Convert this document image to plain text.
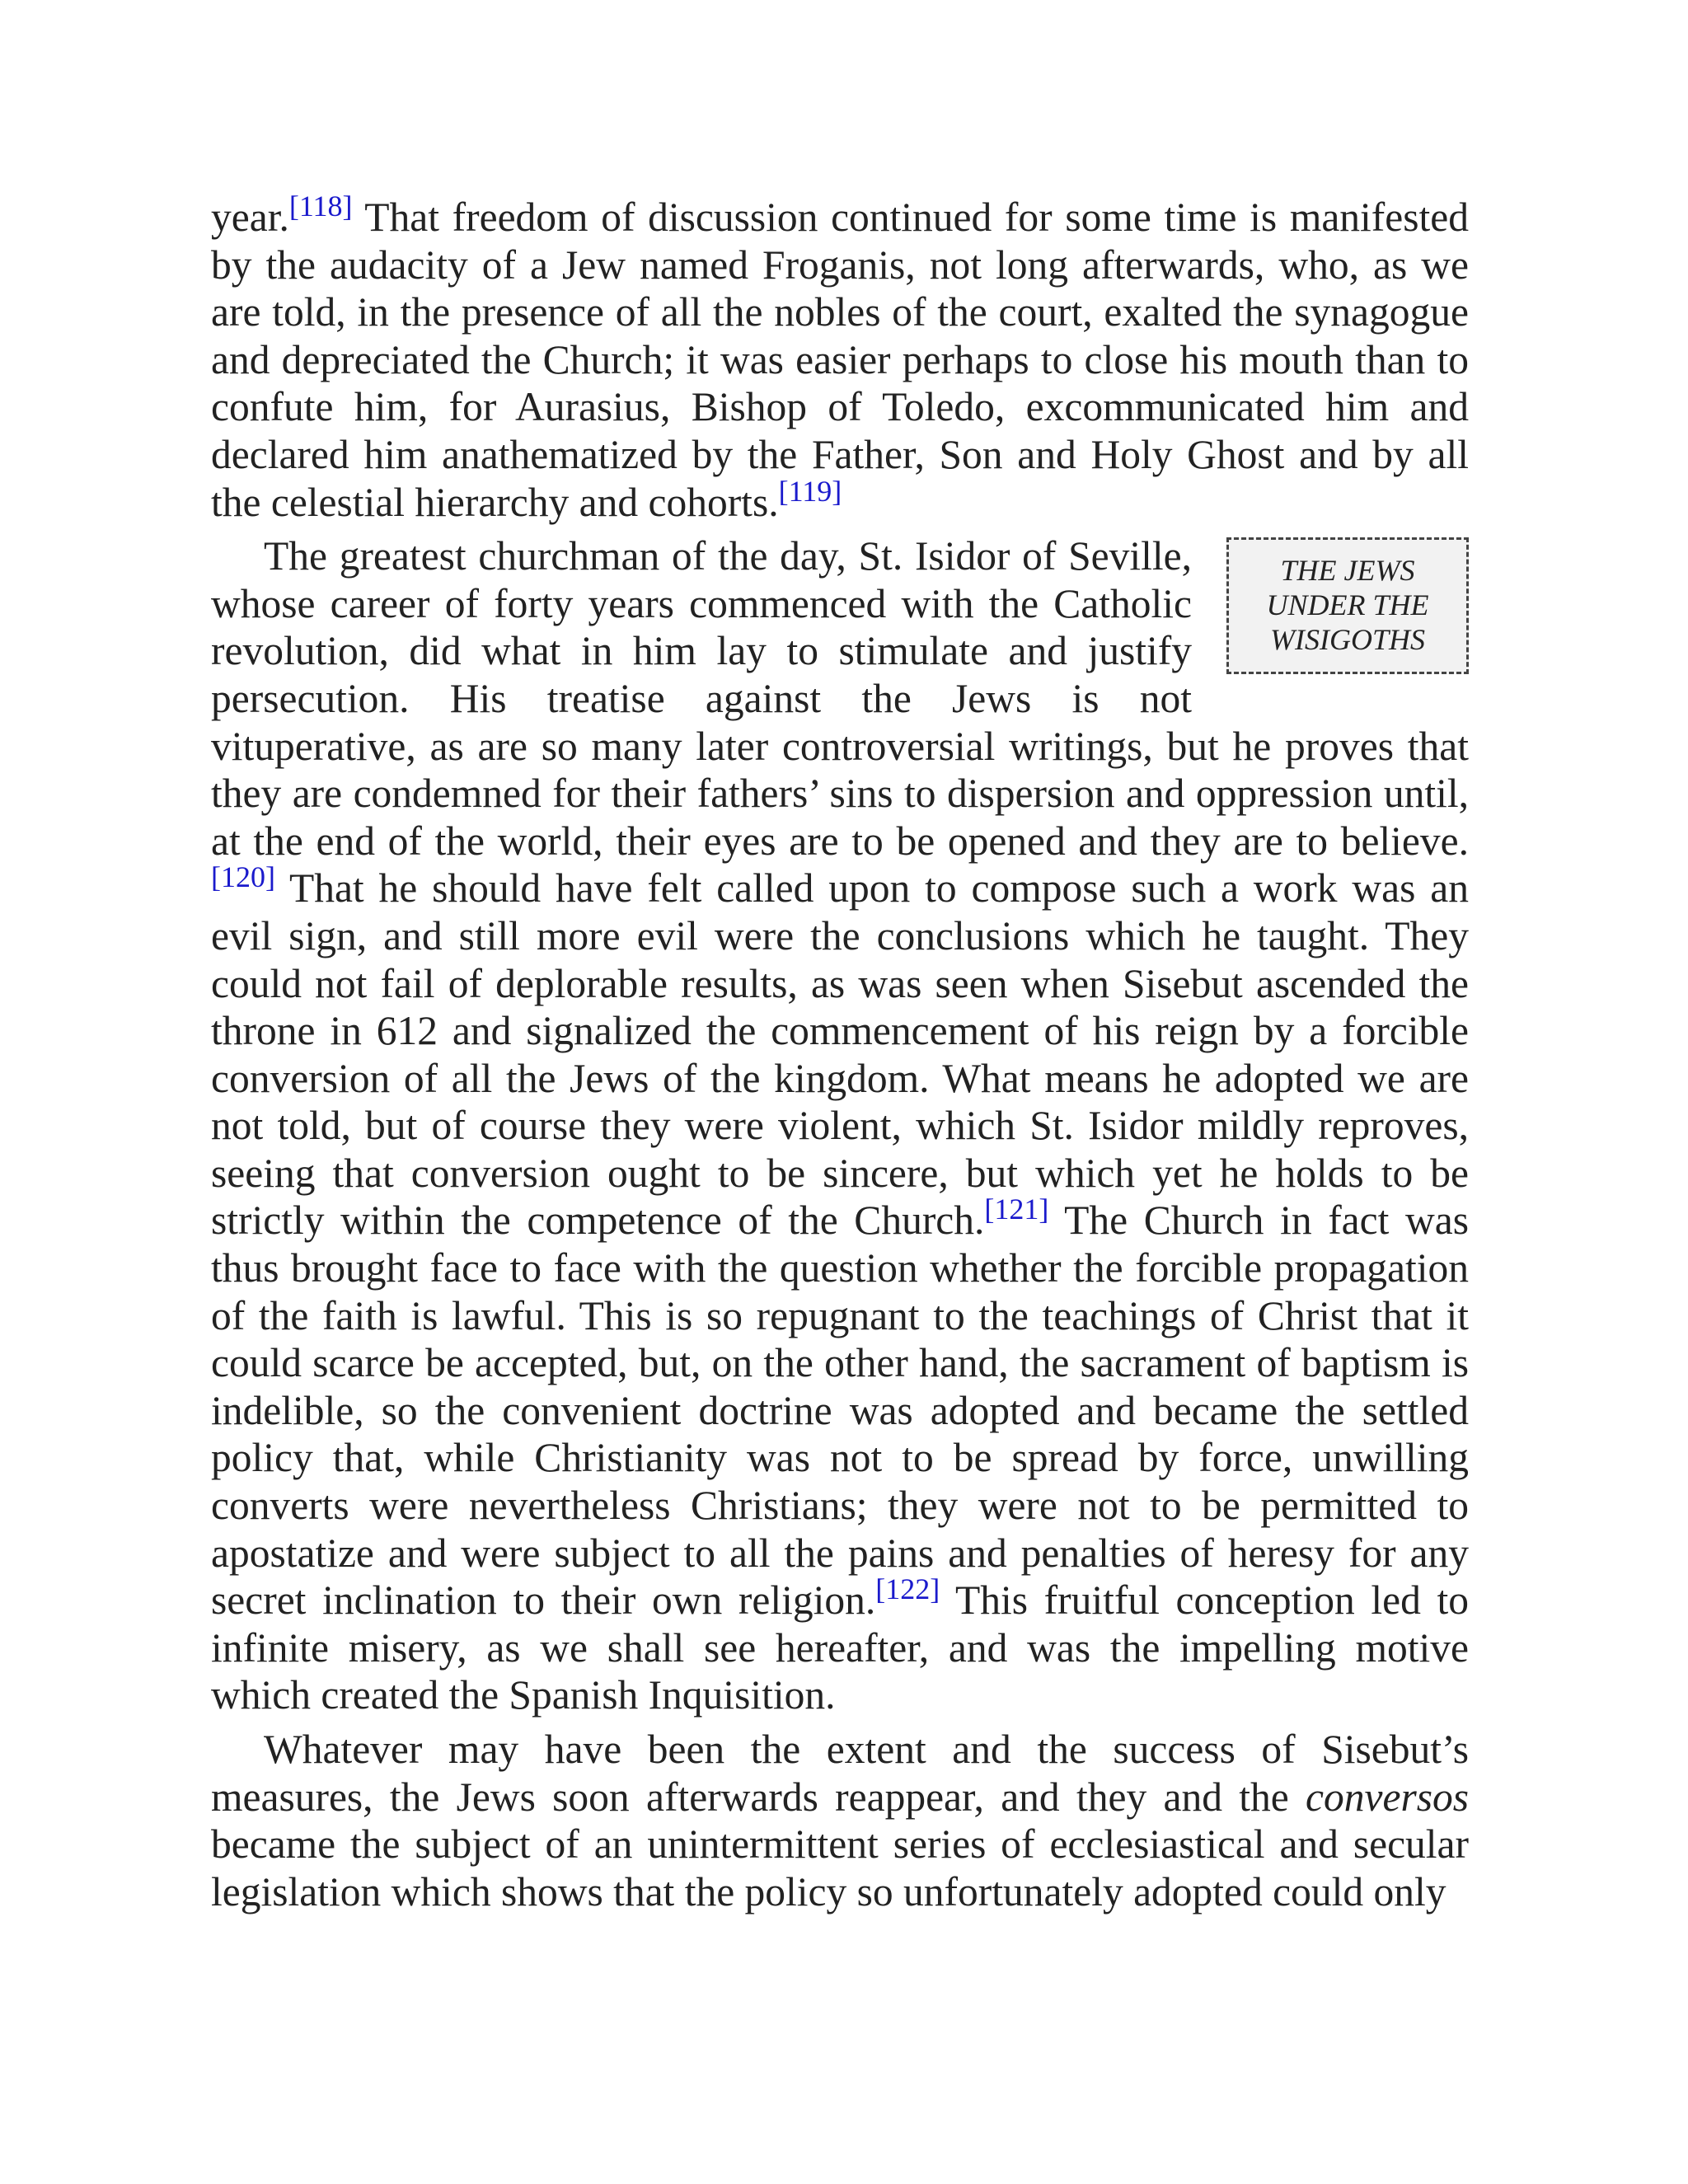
year.[118] That freedom of discussion continued for some time is manifested by the audacity of a Jew named Froganis, not long afterwards, who, as we are told, in the presence of all the nobles of the court, exalted the synagogue and depreciated the Church; it was easier perhaps to close his mouth than to confute him, for Aurasius, Bishop of Toledo, excommunicated him and declared him anathematized by the Father, Son and Holy Ghost and by all the celestial hierarchy and cohorts.[119]

THE JEWS
UNDER THE
WISIGOTHS
The greatest churchman of the day, St. Isidor of Seville, whose career of forty years commenced with the Catholic revolution, did what in him lay to stimulate and justify persecution. His treatise against the Jews is not vituperative, as are so many later controversial writings, but he proves that they are condemned for their fathers’ sins to dispersion and oppression until, at the end of the world, their eyes are to be opened and they are to believe.[120] That he should have felt called upon to compose such a work was an evil sign, and still more evil were the conclusions which he taught. They could not fail of deplorable results, as was seen when Sisebut ascended the throne in 612 and signalized the commencement of his reign by a forcible conversion of all the Jews of the kingdom. What means he adopted we are not told, but of course they were violent, which St. Isidor mildly reproves, seeing that conversion ought to be sincere, but which yet he holds to be strictly within the competence of the Church.[121] The Church in fact was thus brought face to face with the question whether the forcible propagation of the faith is lawful. This is so repugnant to the teachings of Christ that it could scarce be accepted, but, on the other hand, the sacrament of baptism is indelible, so the convenient doctrine was adopted and became the settled policy that, while Christianity was not to be spread by force, unwilling converts were nevertheless Christians; they were not to be permitted to apostatize and were subject to all the pains and penalties of heresy for any secret inclination to their own religion.[122] This fruitful conception led to infinite misery, as we shall see hereafter, and was the impelling motive which created the Spanish Inquisition.

Whatever may have been the extent and the success of Sisebut’s measures, the Jews soon afterwards reappear, and they and the conversos became the subject of an unintermittent series of ecclesiastical and secular legislation which shows that the policy so unfortunately adopted could only
